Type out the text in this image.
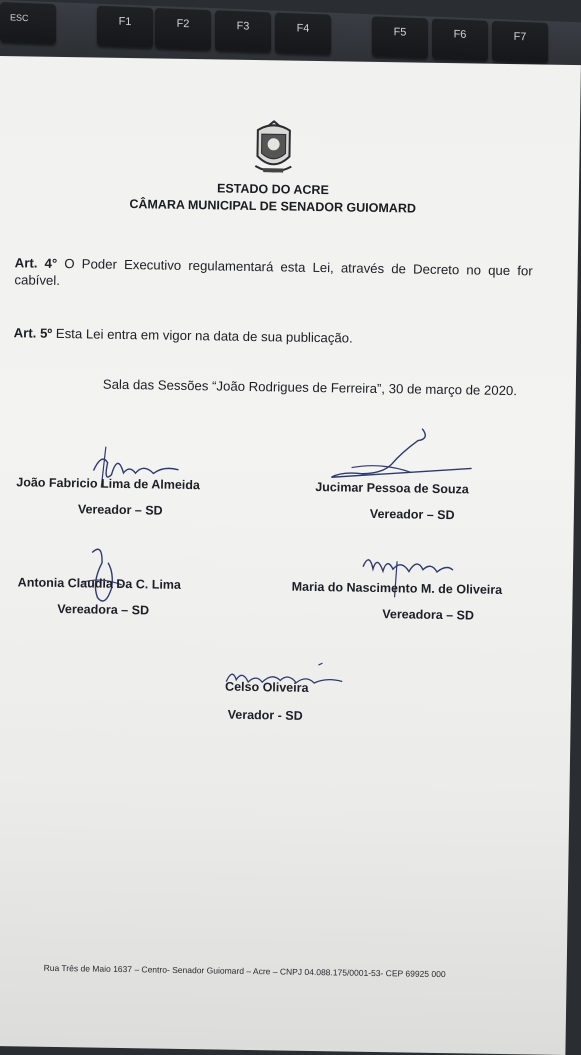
ESC	F1	F2	F3	F4	F5	F6	F7
ESTADO DO ACRE
CÂMARA MUNICIPAL DE SENADOR GUIOMARD
Art. 4° O Poder Executivo regulamentará esta Lei, através de Decreto no que for cabível.
Art. 5º Esta Lei entra em vigor na data de sua publicação.
Sala das Sessões “João Rodrigues de Ferreira”, 30 de março de 2020.
João Fabricio Lima de Almeida
Vereador – SD
Jucimar Pessoa de Souza
Vereador – SD
Antonia Claudia Da C. Lima
Vereadora – SD
Maria do Nascimento M. de Oliveira
Vereadora – SD
Celso Oliveira
Verador - SD
Rua Três de Maio 1637 – Centro- Senador Guiomard – Acre – CNPJ 04.088.175/0001-53- CEP 69925 000
